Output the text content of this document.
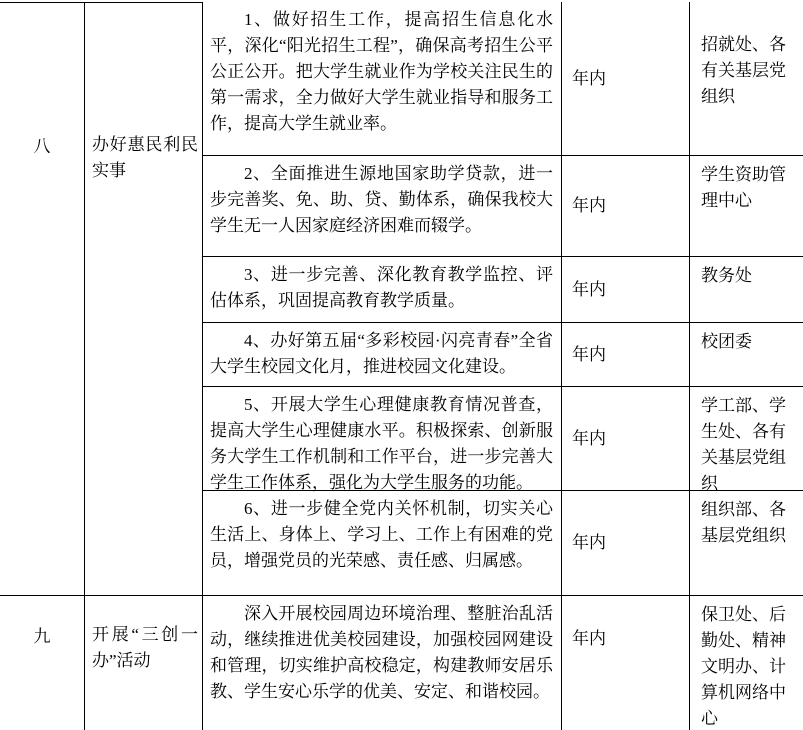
八	办好惠民利民实事
1、做好招生工作，提高招生信息化水平，深化“阳光招生工程”，确保高考招生公平公正公开。把大学生就业作为学校关注民生的第一需求，全力做好大学生就业指导和服务工作，提高大学生就业率。
年内
招就处、各有关基层党组织
2、全面推进生源地国家助学贷款，进一步完善奖、免、助、贷、勤体系，确保我校大学生无一人因家庭经济困难而辍学。
年内
学生资助管理中心
3、进一步完善、深化教育教学监控、评估体系，巩固提高教育教学质量。
年内
教务处
4、办好第五届“多彩校园·闪亮青春”全省大学生校园文化月，推进校园文化建设。
年内
校团委
5、开展大学生心理健康教育情况普查，提高大学生心理健康水平。积极探索、创新服务大学生工作机制和工作平台，进一步完善大学生工作体系，强化为大学生服务的功能。
年内
学工部、学生处、各有关基层党组织
6、进一步健全党内关怀机制，切实关心生活上、身体上、学习上、工作上有困难的党员，增强党员的光荣感、责任感、归属感。
年内
组织部、各基层党组织
九	开展“三创一办”活动
深入开展校园周边环境治理、整脏治乱活动，继续推进优美校园建设，加强校园网建设和管理，切实维护高校稳定，构建教师安居乐教、学生安心乐学的优美、安定、和谐校园。
年内
保卫处、后勤处、精神文明办、计算机网络中心
